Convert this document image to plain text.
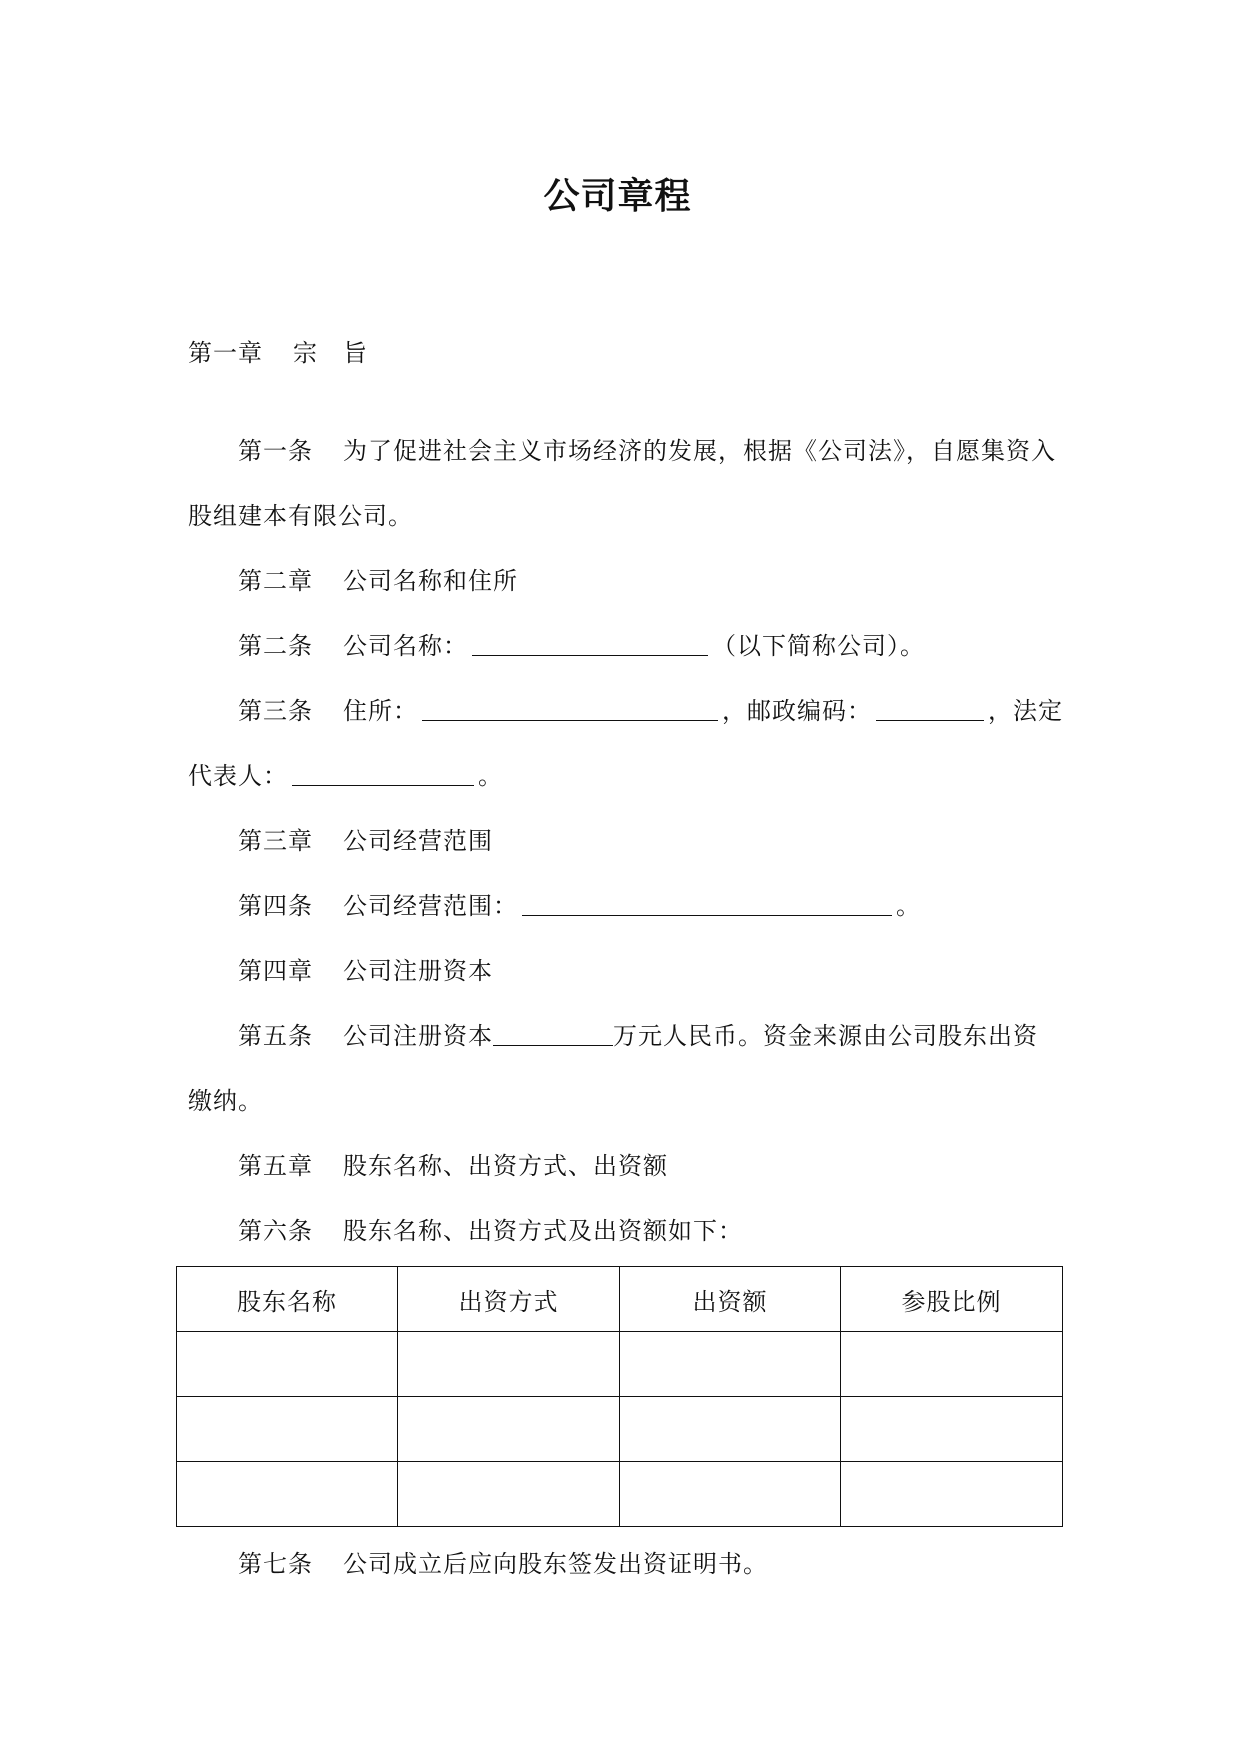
公司章程
第一章 宗　旨
第一条 为了促进社会主义市场经济的发展，根据《公司法》，自愿集资入
股组建本有限公司。
第二章 公司名称和住所
第二条 公司名称：	（以下简称公司）。
第三条 住所：	，邮政编码：	，法定
代表人：	。
第三章 公司经营范围
第四条 公司经营范围：	。
第四章 公司注册资本
第五条 公司注册资本	万元人民币。资金来源由公司股东出资
缴纳。
第五章 股东名称、出资方式、出资额
第六条 股东名称、出资方式及出资额如下：
股东名称	出资方式	出资额	参股比例

第七条 公司成立后应向股东签发出资证明书。
